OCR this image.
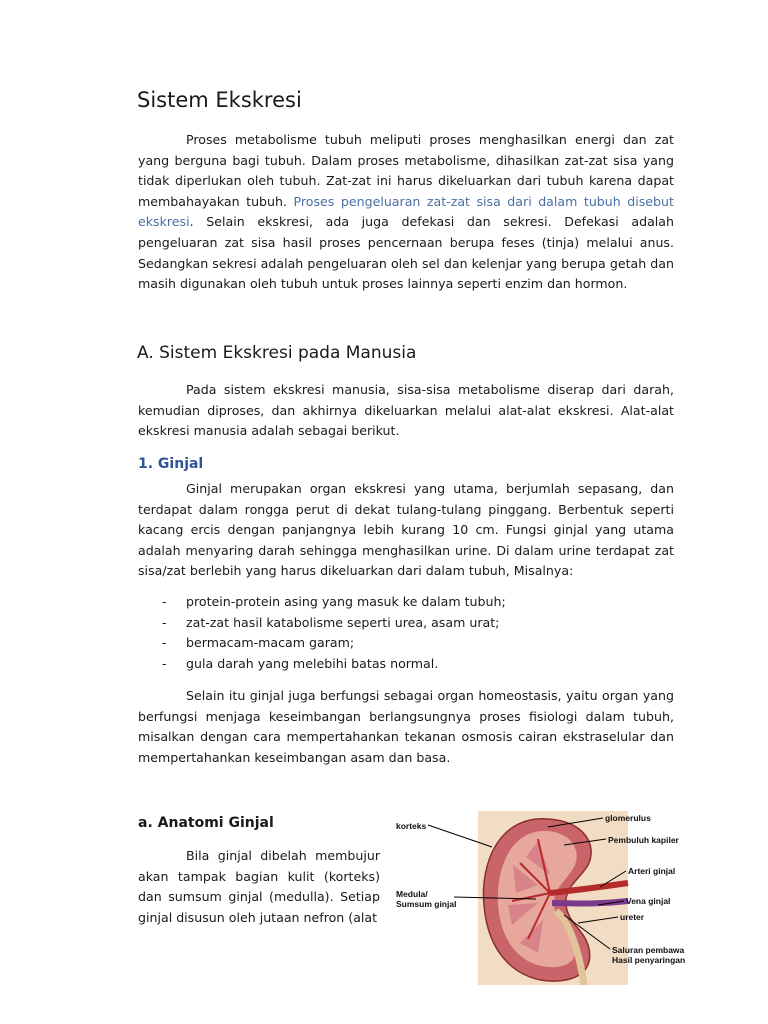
Sistem Ekskresi

Proses metabolisme tubuh meliputi proses menghasilkan energi dan zat yang berguna bagi tubuh. Dalam proses metabolisme, dihasilkan zat-zat sisa yang tidak diperlukan oleh tubuh. Zat-zat ini harus dikeluarkan dari tubuh karena dapat membahayakan tubuh. Proses pengeluaran zat-zat sisa dari dalam tubuh disebut ekskresi. Selain ekskresi, ada juga defekasi dan sekresi. Defekasi adalah pengeluaran zat sisa hasil proses pencernaan berupa feses (tinja) melalui anus. Sedangkan sekresi adalah pengeluaran oleh sel dan kelenjar yang berupa getah dan masih digunakan oleh tubuh untuk proses lainnya seperti enzim dan hormon.

A. Sistem Ekskresi pada Manusia

Pada sistem ekskresi manusia, sisa-sisa metabolisme diserap dari darah, kemudian diproses, dan akhirnya dikeluarkan melalui alat-alat ekskresi. Alat-alat ekskresi manusia adalah sebagai berikut.

1. Ginjal

Ginjal merupakan organ ekskresi yang utama, berjumlah sepasang, dan terdapat dalam rongga perut di dekat tulang-tulang pinggang. Berbentuk seperti kacang ercis dengan panjangnya lebih kurang 10 cm. Fungsi ginjal yang utama adalah menyaring darah sehingga menghasilkan urine. Di dalam urine terdapat zat sisa/zat berlebih yang harus dikeluarkan dari dalam tubuh, Misalnya:

- protein-protein asing yang masuk ke dalam tubuh;
- zat-zat hasil katabolisme seperti urea, asam urat;
- bermacam-macam garam;
- gula darah yang melebihi batas normal.

Selain itu ginjal juga berfungsi sebagai organ homeostasis, yaitu organ yang berfungsi menjaga keseimbangan berlangsungnya proses fisiologi dalam tubuh, misalkan dengan cara mempertahankan tekanan osmosis cairan ekstraselular dan mempertahankan keseimbangan asam dan basa.

a. Anatomi Ginjal

Bila ginjal dibelah membujur akan tampak bagian kulit (korteks) dan sumsum ginjal (medulla). Setiap ginjal disusun oleh jutaan nefron (alat

korteks
glomerulus
Pembuluh kapiler
Arteri ginjal
Medula/
Sumsum ginjal	Vena ginjal
ureter
Saluran pembawa
Hasil penyaringan
